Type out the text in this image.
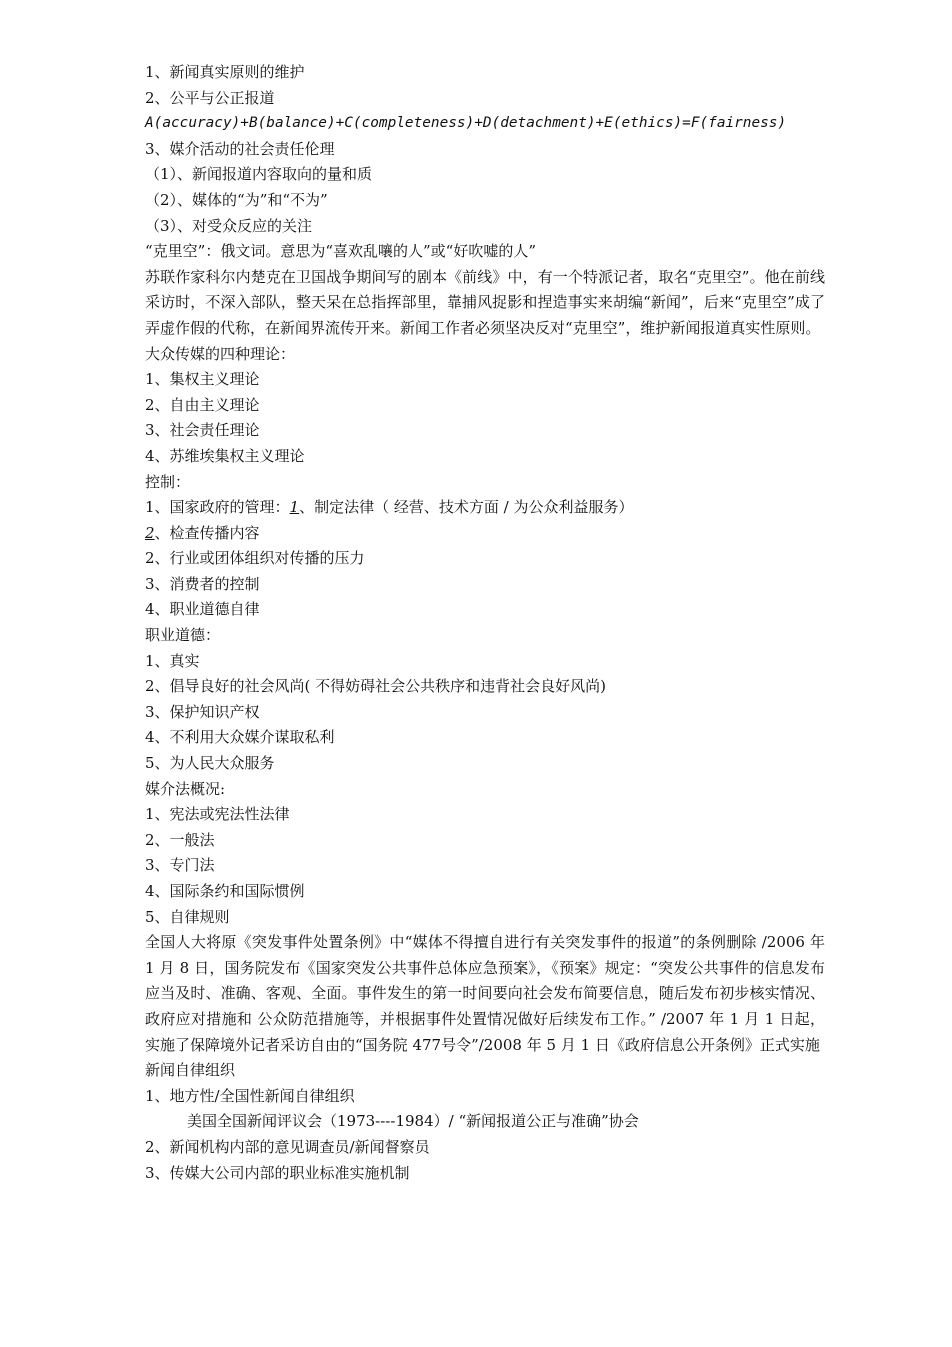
1、新闻真实原则的维护
2、公平与公正报道
A(accuracy)+B(balance)+C(completeness)+D(detachment)+E(ethics)=F(fairness)
3、媒介活动的社会责任伦理
（1）、新闻报道内容取向的量和质
（2）、媒体的“为”和“不为”
（3）、对受众反应的关注
“克里空”：俄文词。意思为“喜欢乱嚷的人”或“好吹嘘的人”
苏联作家科尔内楚克在卫国战争期间写的剧本《前线》中，有一个特派记者，取名“克里空”。他在前线采访时，不深入部队，整天呆在总指挥部里，靠捕风捉影和捏造事实来胡编“新闻”，后来“克里空”成了弄虚作假的代称，在新闻界流传开来。新闻工作者必须坚决反对“克里空”，维护新闻报道真实性原则。
大众传媒的四种理论：
1、集权主义理论
2、自由主义理论
3、社会责任理论
4、苏维埃集权主义理论
控制：
1、国家政府的管理：1、制定法律（ 经营、技术方面 / 为公众利益服务）
2、检查传播内容
2、行业或团体组织对传播的压力
3、消费者的控制
4、职业道德自律
职业道德：
1、真实
2、倡导良好的社会风尚( 不得妨碍社会公共秩序和违背社会良好风尚)
3、保护知识产权
4、不利用大众媒介谋取私利
5、为人民大众服务
媒介法概况:
1、宪法或宪法性法律
2、一般法
3、专门法
4、国际条约和国际惯例
5、自律规则
全国人大将原《突发事件处置条例》中“媒体不得擅自进行有关突发事件的报道”的条例删除 /2006 年 1 月 8 日，国务院发布《国家突发公共事件总体应急预案》，《预案》规定：“突发公共事件的信息发布应当及时、准确、客观、全面。事件发生的第一时间要向社会发布简要信息，随后发布初步核实情况、政府应对措施和 公众防范措施等，并根据事件处置情况做好后续发布工作。” /2007 年 1 月 1 日起，实施了保障境外记者采访自由的“国务院 477号令”/2008 年 5 月 1 日《政府信息公开条例》正式实施
新闻自律组织
1、地方性/全国性新闻自律组织
美国全国新闻评议会（1973----1984）/ “新闻报道公正与准确”协会
2、新闻机构内部的意见调查员/新闻督察员
3、传媒大公司内部的职业标准实施机制
